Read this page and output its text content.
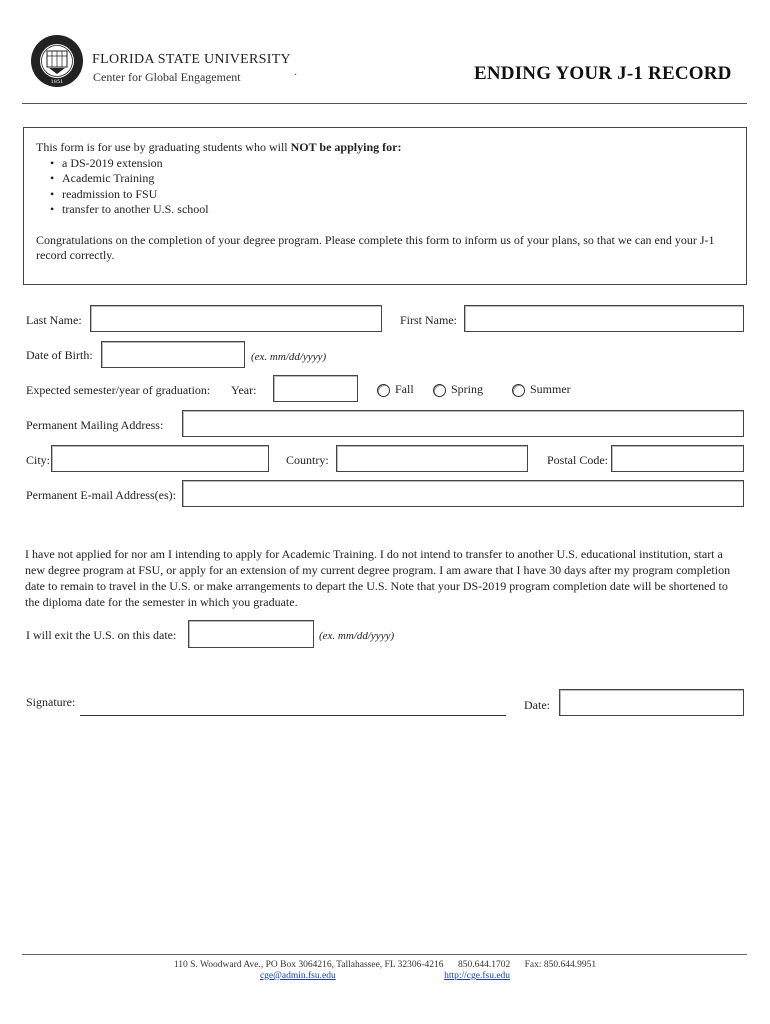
1851
FLORIDA STATE UNIVERSITY
Center for Global Engagement	.	ENDING YOUR J-1 RECORD

This form is for use by graduating students who will NOT be applying for:

• a DS-2019 extension
• Academic Training
• readmission to FSU
• transfer to another U.S. school

Congratulations on the completion of your degree program. Please complete this form to inform us of your plans, so that we can end your J-1 record correctly.

Last Name:	First Name:
Date of Birth:	(ex. mm/dd/yyyy)
Expected semester/year of graduation: Year:	Fall	Spring	Summer
Permanent Mailing Address:
City:	Country:	Postal Code:
Permanent E-mail Address(es):
I have not applied for nor am I intending to apply for Academic Training. I do not intend to transfer to another U.S. educational institution, start a new degree program at FSU, or apply for an extension of my current degree program. I am aware that I have 30 days after my program completion date to remain to travel in the U.S. or make arrangements to depart the U.S. Note that your DS-2019 program completion date will be shortened to the diploma date for the semester in which you graduate.
I will exit the U.S. on this date:	(ex. mm/dd/yyyy)
Signature:	Date:
110 S. Woodward Ave., PO Box 3064216, Tallahassee, FL 32306-4216 850.644.1702 Fax: 850.644.9951
cge@admin.fsu.edu	http://cge.fsu.edu
